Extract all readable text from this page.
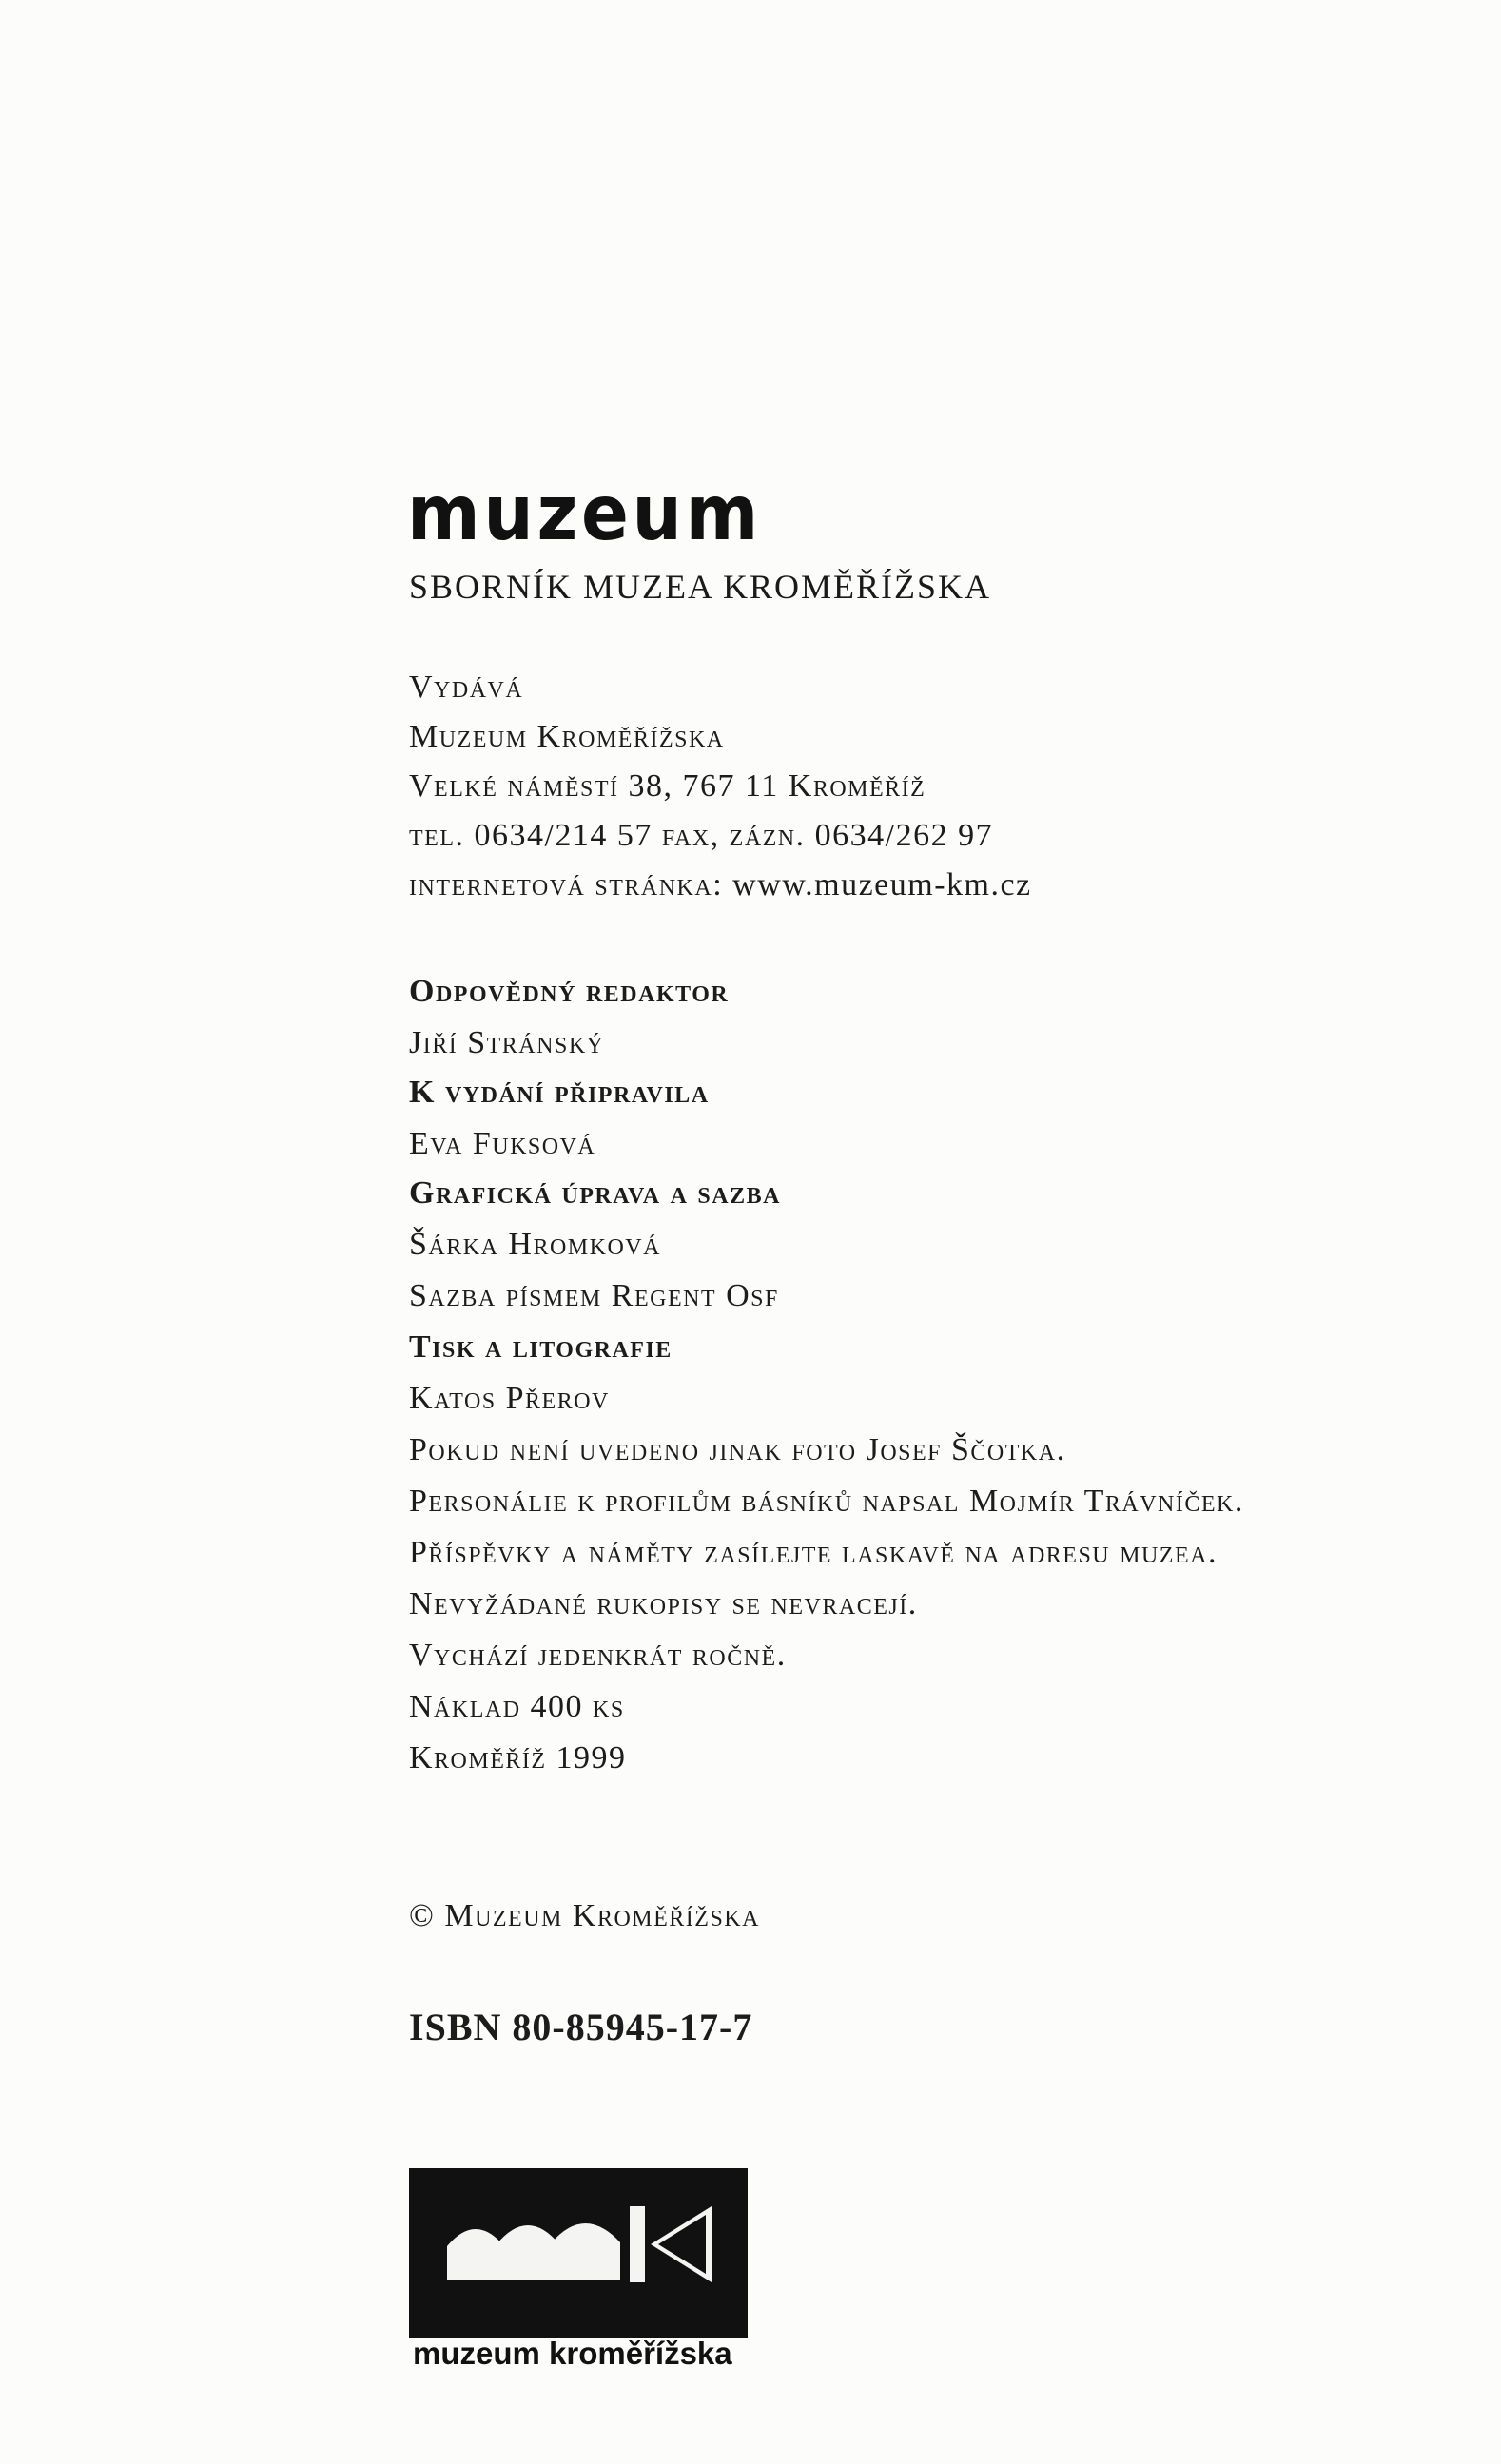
muzeum
SBORNÍK MUZEA KROMĚŘÍŽSKA
Vydává
Muzeum Kroměřížska
Velké náměstí 38, 767 11 Kroměříž
tel. 0634/214 57 fax, zázn. 0634/262 97
internetová stránka: www.muzeum-km.cz
Odpovědný redaktor
Jiří Stránský
K vydání připravila
Eva Fuksová
Grafická úprava a sazba
Šárka Hromková
Sazba písmem Regent Osf
Tisk a litografie
Katos Přerov
Pokud není uvedeno jinak foto Josef Ščotka.
Personálie k profilům básníků napsal Mojmír Trávníček.
Příspěvky a náměty zasílejte laskavě na adresu muzea.
Nevyžádané rukopisy se nevracejí.
Vychází jedenkrát ročně.
Náklad 400 ks
Kroměříž 1999
© Muzeum Kroměřížska
ISBN 80-85945-17-7
muzeum kroměřížska
